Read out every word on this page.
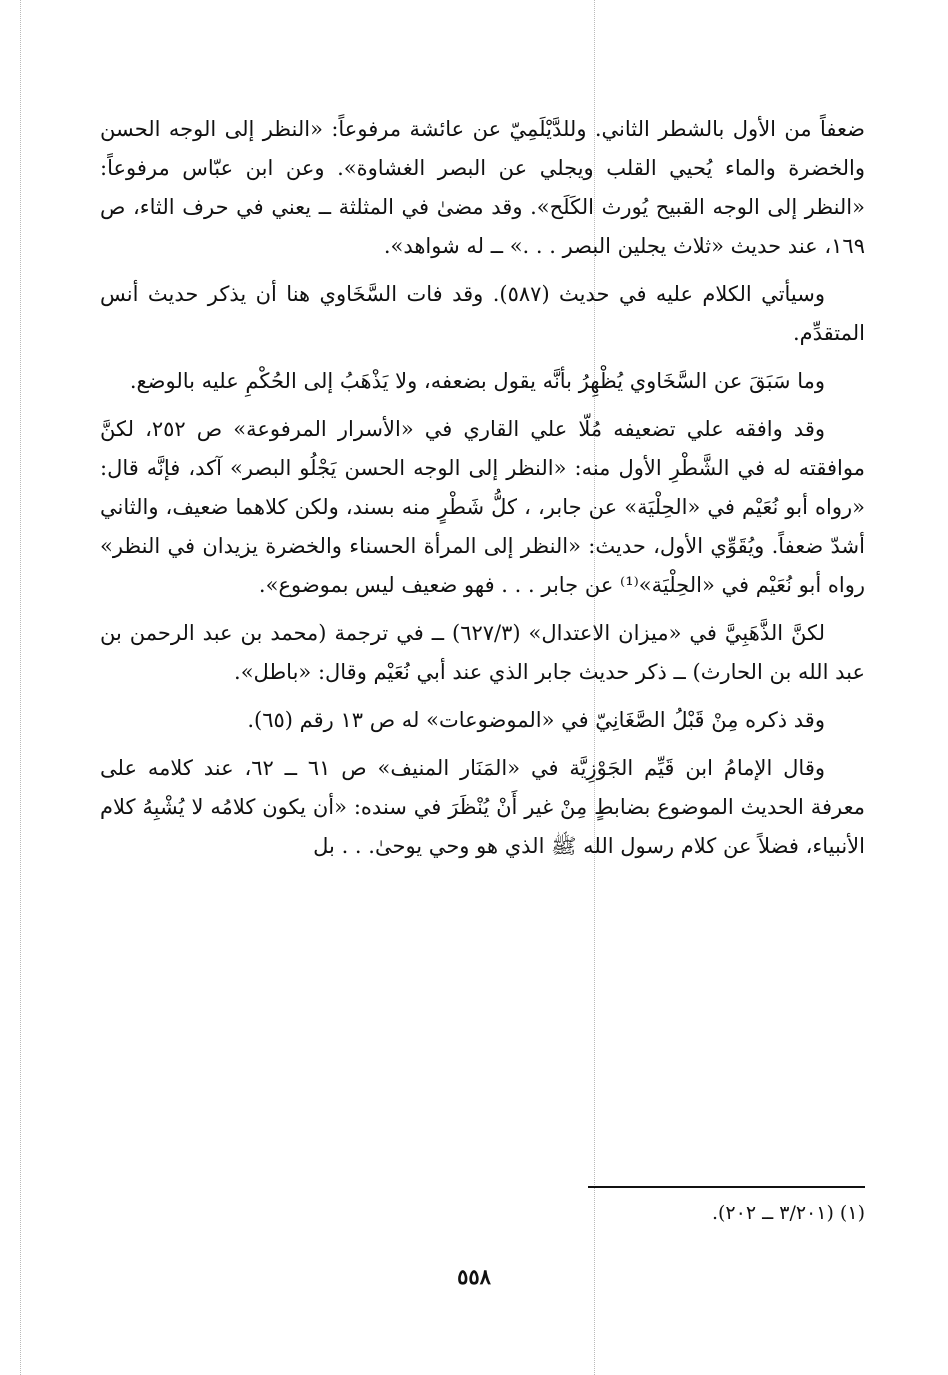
ضعفاً من الأول بالشطر الثاني. وللدَّيْلَمِيّ عن عائشة مرفوعاً: «النظر إلى الوجه الحسن والخضرة والماء يُحيي القلب ويجلي عن البصر الغشاوة». وعن ابن عبّاس مرفوعاً: «النظر إلى الوجه القبيح يُورث الكَلَح». وقد مضىٰ في المثلثة ــ يعني في حرف الثاء، ص ١٦٩، عند حديث «ثلاث يجلين البصر . . .» ــ له شواهد».

وسيأتي الكلام عليه في حديث (٥٨٧). وقد فات السَّخَاوي هنا أن يذكر حديث أنس المتقدِّم.

وما سَبَقَ عن السَّخَاوي يُظْهِرُ بأنَّه يقول بضعفه، ولا يَذْهَبُ إلى الحُكْمِ عليه بالوضع.

وقد وافقه علي تضعيفه مُلّا علي القاري في «الأسرار المرفوعة» ص ٢٥٢، لكنَّ موافقته له في الشَّطْرِ الأول منه: «النظر إلى الوجه الحسن يَجْلُو البصر» آكد، فإنَّه قال: «رواه أبو نُعَيْم في «الحِلْيَة» عن جابر، ، كلُّ شَطْرٍ منه بسند، ولكن كلاهما ضعيف، والثاني أشدّ ضعفاً. ويُقَوِّي الأول، حديث: «النظر إلى المرأة الحسناء والخضرة يزيدان في النظر» رواه أبو نُعَيْم في «الحِلْيَة»⁽¹⁾ عن جابر . . . فهو ضعيف ليس بموضوع».

لكنَّ الذَّهَبِيَّ في «ميزان الاعتدال» (٦٢٧/٣) ــ في ترجمة (محمد بن عبد الرحمن بن عبد الله بن الحارث) ــ ذكر حديث جابر الذي عند أبي نُعَيْم وقال: «باطل».

وقد ذكره مِنْ قَبْلُ الصَّغَانِيّ في «الموضوعات» له ص ١٣ رقم (٦٥).

وقال الإمامُ ابن قَيِّم الجَوْزِيَّة في «المَنَار المنيف» ص ٦١ ــ ٦٢، عند كلامه على معرفة الحديث الموضوع بضابطٍ مِنْ غير أَنْ يُنْظَرَ في سنده: «أن يكون كلامُه لا يُشْبِهُ كلام الأنبياء، فضلاً عن كلام رسول الله ﷺ الذي هو وحي يوحىٰ. . . بل

(١) (٣/٢٠١ ــ ٢٠٢).
٥٥٨
